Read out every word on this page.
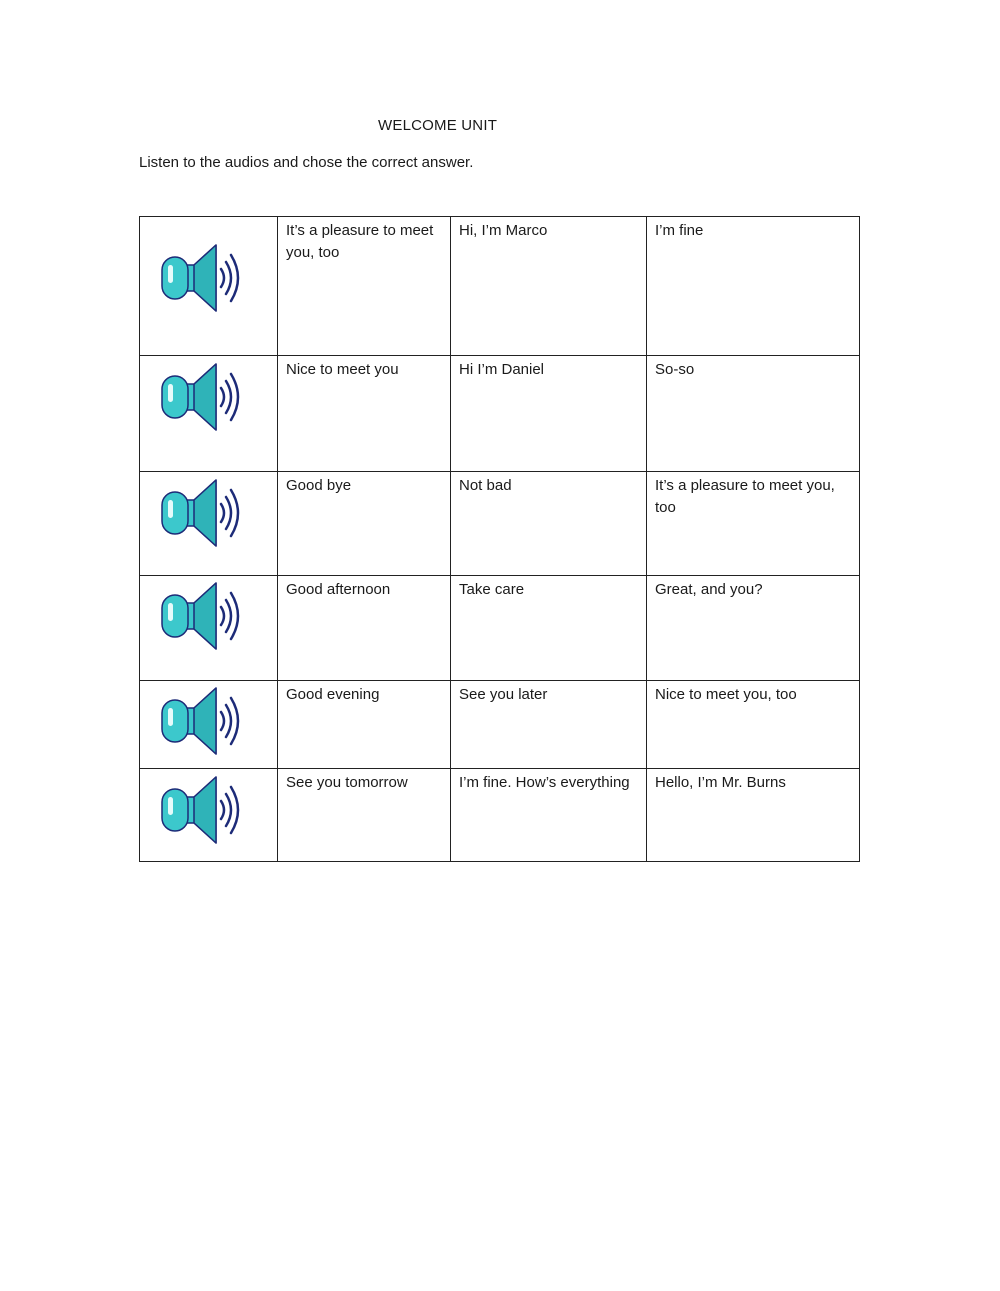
WELCOME UNIT
Listen to the audios and chose the correct answer.
	It’s a pleasure to meet you, too	Hi, I’m Marco	I’m fine

	Nice to meet you	Hi I’m Daniel	So-so

	Good bye	Not bad	It’s a pleasure to meet you, too

	Good afternoon	Take care	Great, and you?

	Good evening	See you later	Nice to meet you, too

	See you tomorrow	I’m fine. How’s everything	Hello, I’m Mr. Burns
